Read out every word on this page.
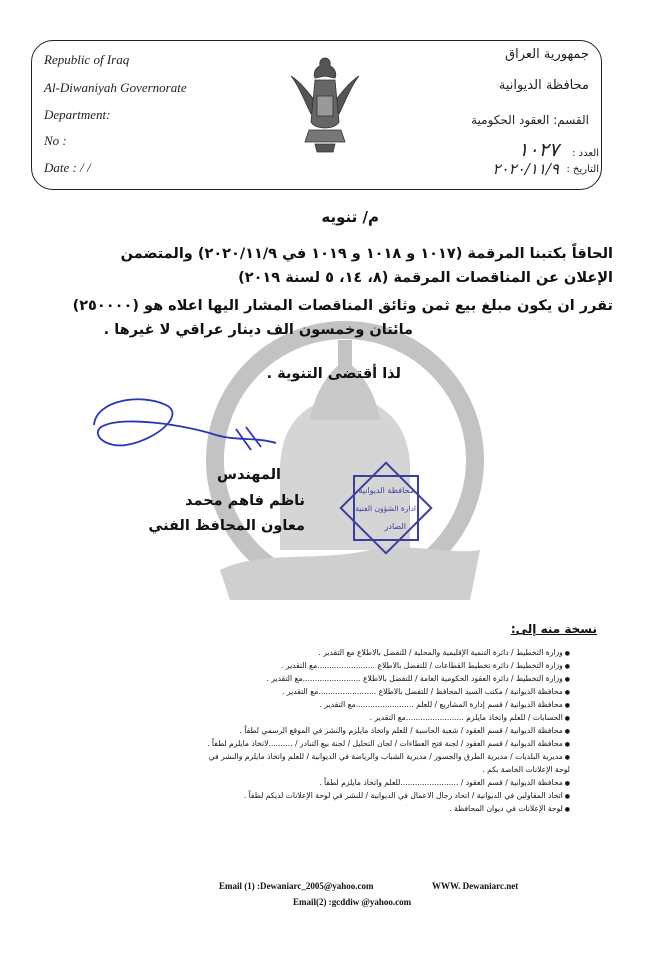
Republic of Iraq
Al-Diwaniyah Governorate
Department:
No :
Date : / /
جمهورية العراق
محافظة الديوانية
القسم: العقود الحكومية
العدد :
١٠٢٧
التاريخ :
٢٠٢٠/١١/٩
محافظة الديوانية
ادارة الشؤون الفنية
الصادر
م/ تنويه
الحاقاً بكتبنا المرقمة (١٠١٧ و ١٠١٨ و ١٠١٩ في ٢٠٢٠/١١/٩) والمتضمن
الإعلان عن المناقصات المرقمة (٨، ١٤، ٥ لسنة ٢٠١٩)
تقرر ان يكون مبلغ بيع ثمن وثائق المناقصات المشار اليها اعلاه هو (٢٥٠٠٠٠)
مائتان وخمسون الف دينار عراقي لا غيرها .
لذا أقتضى التنوية .
المهندس
ناظم فاهم محمد
معاون المحافظ الفني
نسخة منه إلى:
● وزارة التخطيط / دائرة التنمية الإقليمية والمحلية / للتفضل بالاطلاع مع التقدير .
● وزارة التخطيط / دائرة تخطيط القطاعات / للتفضل بالاطلاع ........................مع التقدير .
● وزارة التخطيط / دائرة العقود الحكومية العامة / للتفضل بالاطلاع ........................مع التقدير .
● محافظة الديوانية / مكتب السيد المحافظ / للتفضل بالاطلاع ........................مع التقدير .
● محافظة الديوانية / قسم إدارة المشاريع / للعلم ........................مع التقدير .
● الحسابات / للعلم واتخاذ مايلزم ........................مع التقدير .
● محافظة الديوانية / قسم العقود / شعبة الحاسبة / للعلم واتخاذ مايلزم والنشر في الموقع الرسمي لطفاً .
● محافظة الديوانية / قسم العقود / لجنة فتح العطاءات / لجان التحليل / لجنة بيع التنادر / ..........لاتخاذ مايلزم لطفاً .
● مديرية البلديات / مديرية الطرق والجسور / مديرية الشباب والرياضة في الديوانية / للعلم واتخاذ مايلزم والنشر في
لوحة الإعلانات الخاصة بكم .
● محافظة الديوانية / قسم العقود / ........................للعلم واتخاذ مايلزم لطفاً .
● اتحاد المقاولين في الديوانية / اتحاد رجال الاعمال في الديوانية / للنشر في لوحة الإعلانات لديكم لطفاً .
● لوحة الإعلانات في ديوان المحافظة .
Email (1) :Dewaniarc_2005@yahoo.com	WWW. Dewaniarc.net
Email(2) :gcddiw @yahoo.com
